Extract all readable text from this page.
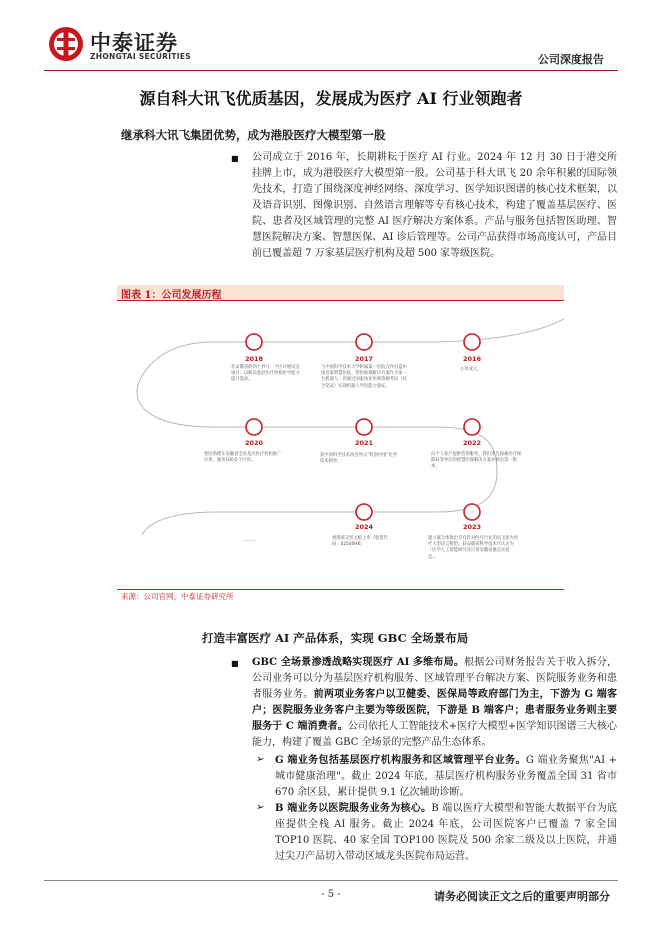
中泰证券
ZHONGTAI SECURITIES	公司深度报告
源自科大讯飞优质基因，发展成为医疗 AI 行业领跑者
继承科大讯飞集团优势，成为港股医疗大模型第一股
■ 公司成立于 2016 年，长期耕耘于医疗 AI 行业。2024 年 12 月 30 日于港交所挂牌上市，成为港股医疗大模型第一股。公司基于科大讯飞 20 余年积累的国际领先技术，打造了围绕深度神经网络、深度学习、医学知识图谱的核心技术框架，以及语音识别、图像识别、自然语言理解等专有核心技术，构建了覆盖基层医疗、医院、患者及区域管理的完整 AI 医疗解决方案体系。产品与服务包括智医助理、智慧医院解决方案、智慧医保、AI 诊后管理等。公司产品获得市场高度认可，产品目前已覆盖超 7 万家基层医疗机构及超 500 家等级医院。
图表 1：公司发展历程
2018
在安徽省的四个县与一个区开展试点项目，以解决基层医疗机构医学能力提升需求。
2017
与中国科学技术大学附属第一医院合作打造中国首家智慧医院。智医助理解决方案作为第一台机器人一次通过国家执业医师资格考试（综合笔试）实现机器人学医能力验证。
2016
公司成立。
2020
智医助理在安徽省全省基层医疗机构推广应用，服务100多个区县。
2021
获中国科学技术协会列入"科创中国"先导技术榜单。
2022
向个人客户提供咨询服务。我们率先探索医疗保障局等单位的智慧医保解决方案并推出第一版本。
……
2024
香港联交所主板上市（股票代码：02506HK）
2023
建立联合体推出专有针对医疗行业的讯飞星火医疗大型语言模型。获安徽省科学技术厅认定为「医学人工智能研究及应用安徽省重点实验室」。
来源：公司官网，中泰证券研究所
打造丰富医疗 AI 产品体系，实现 GBC 全场景布局
■ GBC 全场景渗透战略实现医疗 AI 多维布局。根据公司财务报告关于收入拆分，公司业务可以分为基层医疗机构服务、区域管理平台解决方案、医院服务业务和患者服务业务。前两项业务客户以卫健委、医保局等政府部门为主，下游为 G 端客户；医院服务业务客户主要为等级医院，下游是 B 端客户；患者服务业务则主要服务于 C 端消费者。公司依托人工智能技术+医疗大模型+医学知识图谱三大核心能力，构建了覆盖 GBC 全场景的完整产品生态体系。
➢ G 端业务包括基层医疗机构服务和区域管理平台业务。G 端业务聚焦"AI + 城市健康治理"。截止 2024 年底，基层医疗机构服务业务覆盖全国 31 省市 670 余区县，累计提供 9.1 亿次辅助诊断。
➢ B 端业务以医院服务业务为核心。B 端以医疗大模型和智能大数据平台为底座提供全栈 AI 服务。截止 2024 年底，公司医院客户已覆盖 7 家全国 TOP10 医院、40 家全国 TOP100 医院及 500 余家二级及以上医院，并通过尖刀产品切入带动区域龙头医院布局运营。
- 5 -	请务必阅读正文之后的重要声明部分
